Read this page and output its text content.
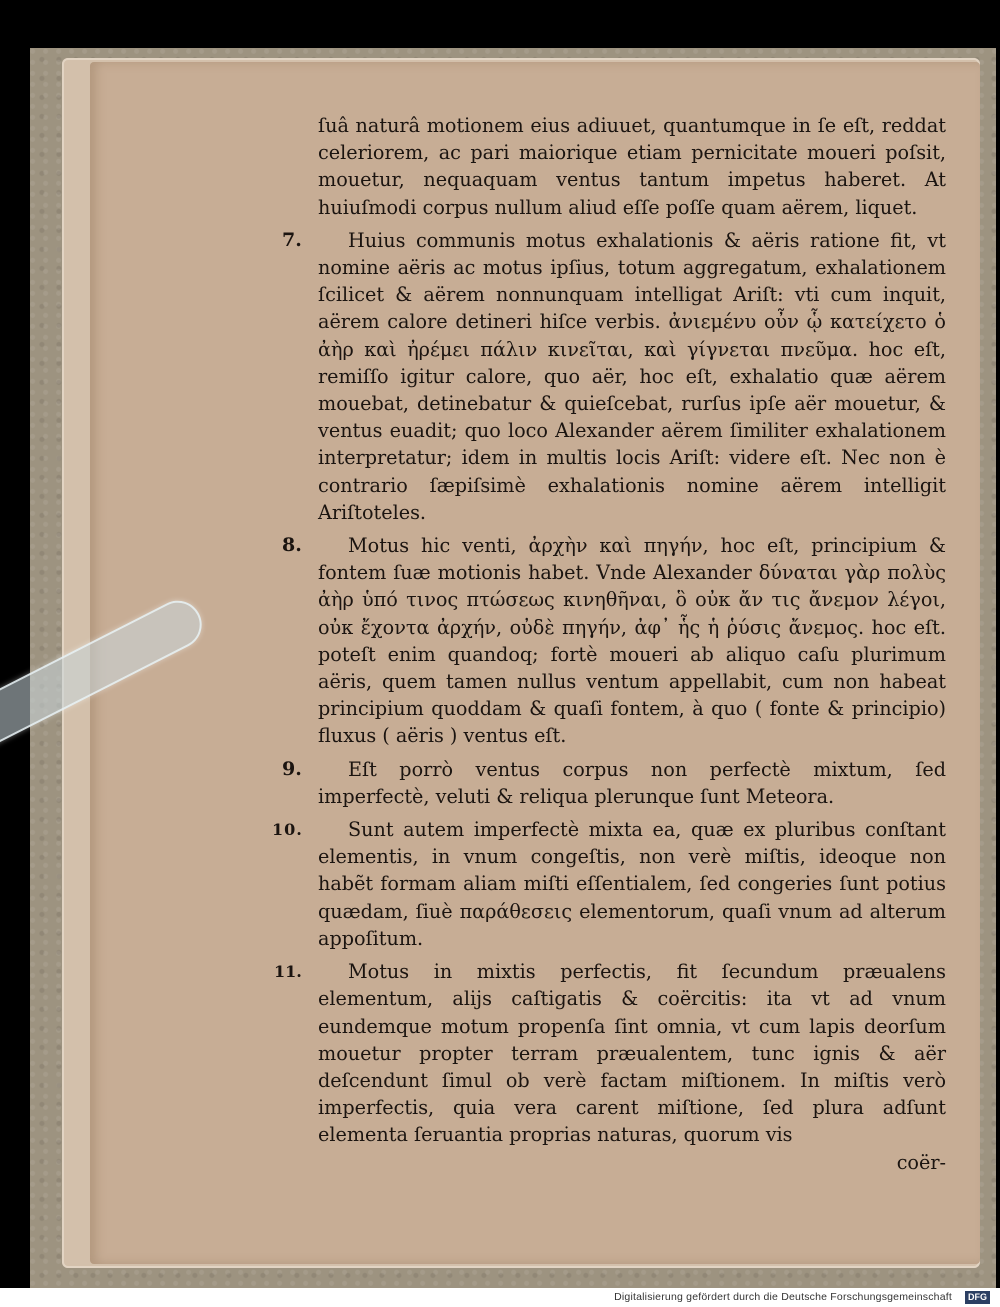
ſuâ naturâ motionem eius adiuuet, quantumque in ſe eſt, reddat celeriorem, ac pari maiorique etiam pernicitate moueri poſsit, mouetur, nequaquam ventus tantum impetus haberet. At huiuſmodi corpus nullum aliud eſſe poſſe quam aërem, liquet.

7. Huius communis motus exhalationis & aëris ratione fit, vt nomine aëris ac motus ipſius, totum aggregatum, exhalationem ſcilicet & aërem nonnunquam intelligat Ariſt: vti cum inquit, aërem calore detineri hiſce verbis. ἀνιεμένυ οὖν ᾧ κατείχετο ὁ ἀὴρ καὶ ἠρέμει πάλιν κινεῖται, καὶ γίγνεται πνεῦμα. hoc eſt, remiſſo igitur calore, quo aër, hoc eſt, exhalatio quæ aërem mouebat, detinebatur & quieſcebat, rurſus ipſe aër mouetur, & ventus euadit; quo loco Alexander aërem ſimiliter exhalationem interpretatur; idem in multis locis Ariſt: videre eſt. Nec non è contrario ſæpiſsimè exhalationis nomine aërem intelligit Ariſtoteles.

8. Motus hic venti, ἀρχὴν καὶ πηγήν, hoc eſt, principium & fontem ſuæ motionis habet. Vnde Alexander δύναται γὰρ πολὺς ἀὴρ ὑπό τινος πτώσεως κινηθῆναι, ὃ οὐκ ἄν τις ἄνεμον λέγοι, οὐκ ἔχοντα ἀρχήν, οὐδὲ πηγήν, ἀφ᾽ ἧς ἡ ῥύσις ἄνεμος. hoc eſt. poteſt enim quandoq; fortè moueri ab aliquo caſu plurimum aëris, quem tamen nullus ventum appellabit, cum non habeat principium quoddam & quaſi fontem, à quo ( fonte & principio) fluxus ( aëris ) ventus eſt.

9. Eſt porrò ventus corpus non perfectè mixtum, ſed imperfectè, veluti & reliqua plerunque ſunt Meteora.

10. Sunt autem imperfectè mixta ea, quæ ex pluribus conſtant elementis, in vnum congeſtis, non verè miſtis, ideoque non habẽt formam aliam miſti eſſentialem, ſed congeries ſunt potius quædam, ſiuè παράθεσεις elementorum, quaſi vnum ad alterum appoſitum.

11. Motus in mixtis perfectis, fit ſecundum præualens elementum, alijs caſtigatis & coërcitis: ita vt ad vnum eundemque motum propenſa ſint omnia, vt cum lapis deorſum mouetur propter terram præualentem, tunc ignis & aër deſcendunt ſimul ob verè factam miſtionem. In miſtis verò imperfectis, quia vera carent miſtione, ſed plura adſunt elementa ſeruantia proprias naturas, quorum vis
coër-

Digitalisierung gefördert durch die Deutsche Forschungsgemeinschaft	DFG
